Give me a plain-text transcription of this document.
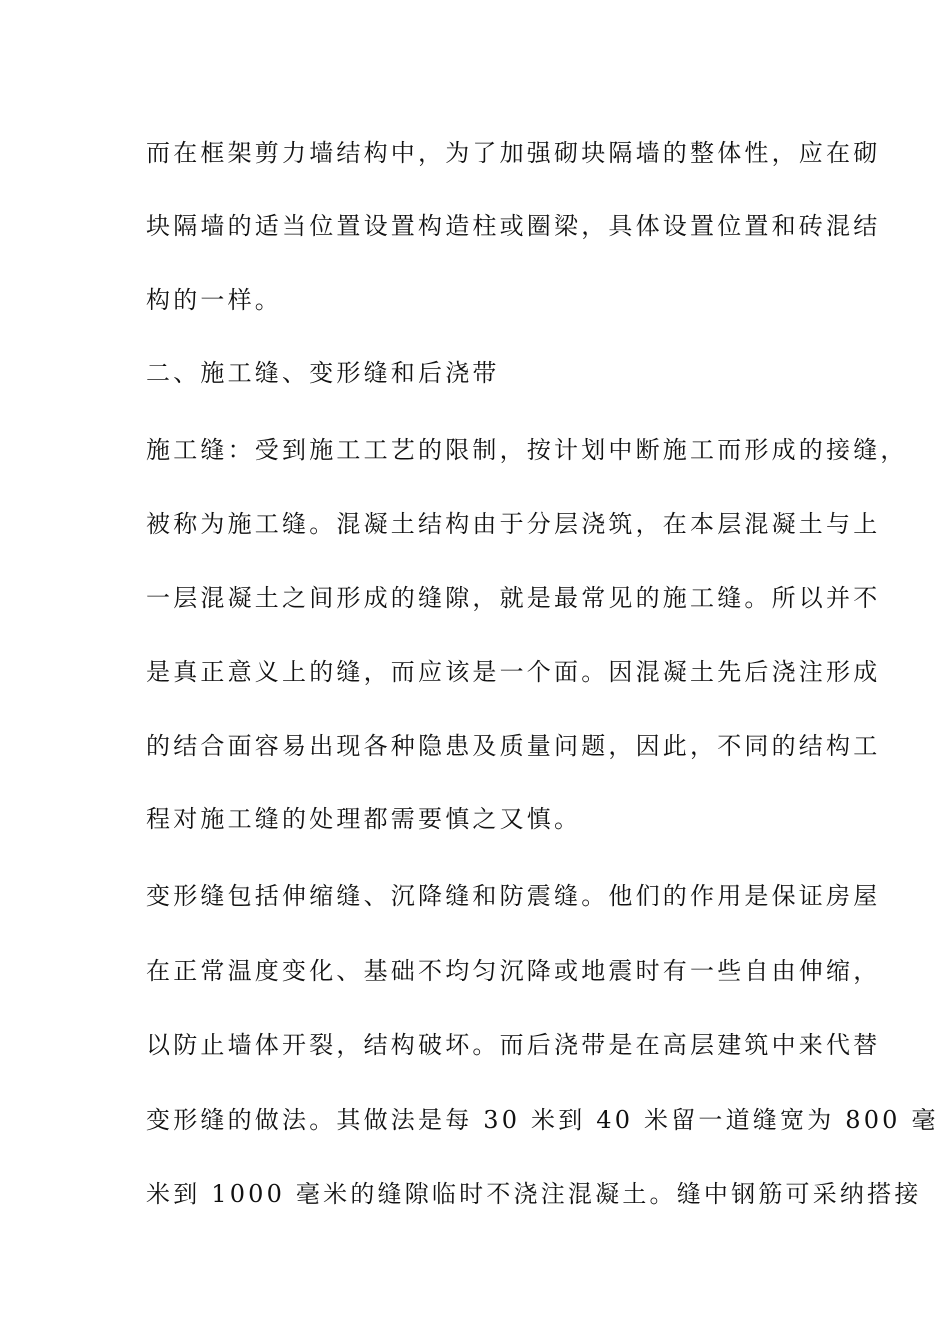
而在框架剪力墙结构中，为了加强砌块隔墙的整体性，应在砌
块隔墙的适当位置设置构造柱或圈梁，具体设置位置和砖混结
构的一样。
二、施工缝、变形缝和后浇带
施工缝：受到施工工艺的限制，按计划中断施工而形成的接缝，
被称为施工缝。混凝土结构由于分层浇筑，在本层混凝土与上
一层混凝土之间形成的缝隙，就是最常见的施工缝。所以并不
是真正意义上的缝，而应该是一个面。因混凝土先后浇注形成
的结合面容易出现各种隐患及质量问题，因此，不同的结构工
程对施工缝的处理都需要慎之又慎。
变形缝包括伸缩缝、沉降缝和防震缝。他们的作用是保证房屋
在正常温度变化、基础不均匀沉降或地震时有一些自由伸缩，
以防止墙体开裂，结构破坏。而后浇带是在高层建筑中来代替
变形缝的做法。其做法是每 30 米到 40 米留一道缝宽为 800 毫
米到 1000 毫米的缝隙临时不浇注混凝土。缝中钢筋可采纳搭接
